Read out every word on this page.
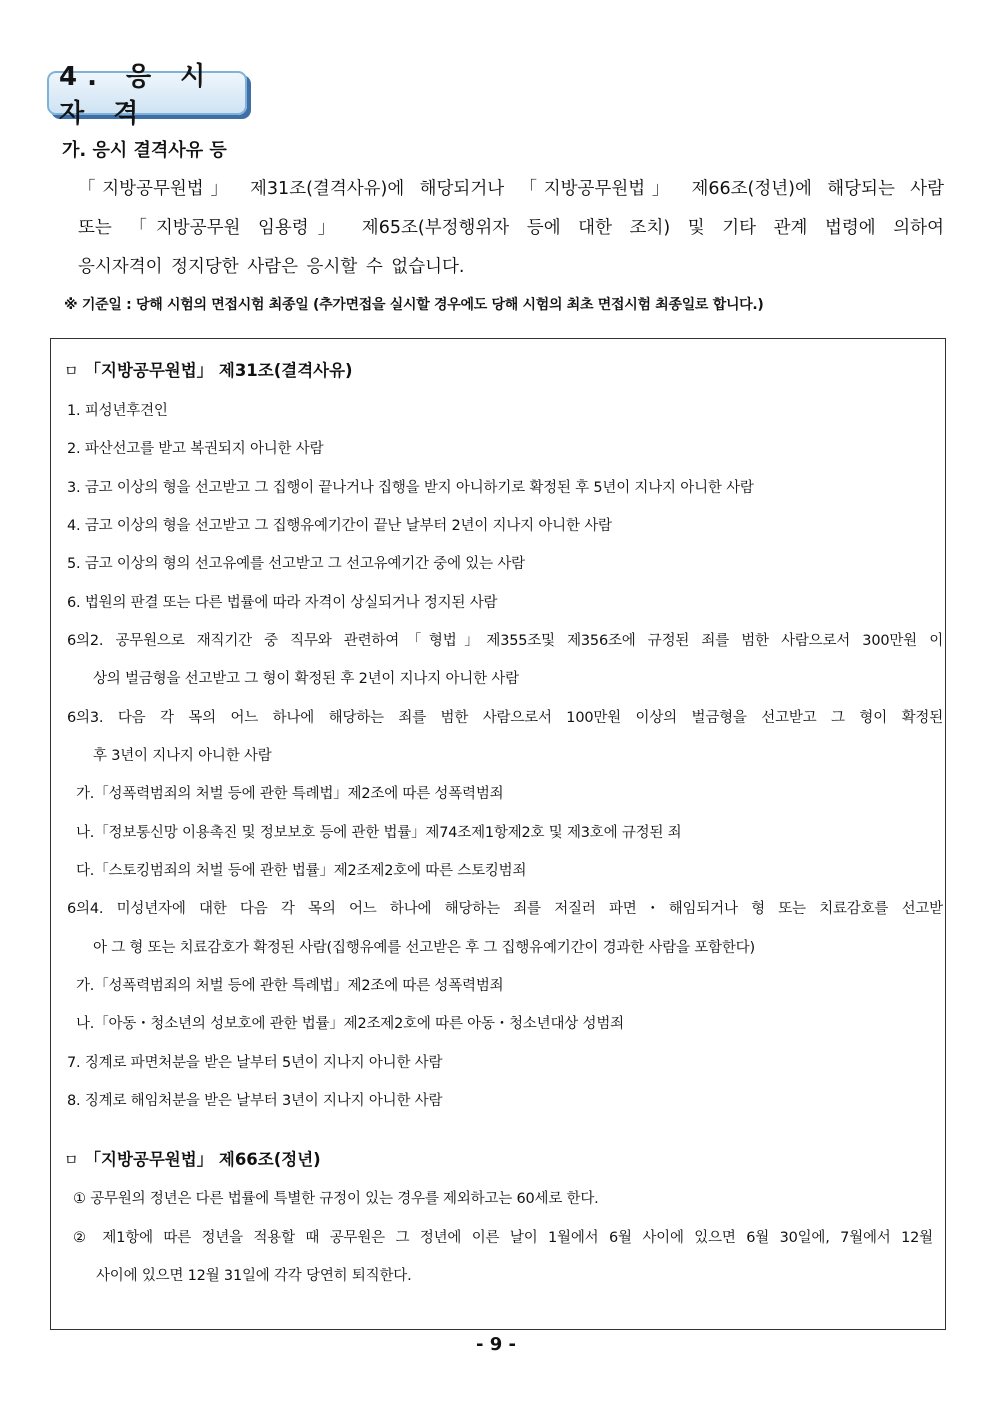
4. 응 시 자 격
가. 응시 결격사유 등
「지방공무원법」 제31조(결격사유)에 해당되거나 「지방공무원법」 제66조(정년)에 해당되는 사람
또는 「지방공무원 임용령」 제65조(부정행위자 등에 대한 조치) 및 기타 관계 법령에 의하여
응시자격이 정지당한 사람은 응시할 수 없습니다.
※ 기준일 : 당해 시험의 면접시험 최종일 (추가면접을 실시할 경우에도 당해 시험의 최초 면접시험 최종일로 합니다.)
ㅁ 「지방공무원법」 제31조(결격사유)
1. 피성년후견인
2. 파산선고를 받고 복권되지 아니한 사람
3. 금고 이상의 형을 선고받고 그 집행이 끝나거나 집행을 받지 아니하기로 확정된 후 5년이 지나지 아니한 사람
4. 금고 이상의 형을 선고받고 그 집행유예기간이 끝난 날부터 2년이 지나지 아니한 사람
5. 금고 이상의 형의 선고유예를 선고받고 그 선고유예기간 중에 있는 사람
6. 법원의 판결 또는 다른 법률에 따라 자격이 상실되거나 정지된 사람
6의2. 공무원으로 재직기간 중 직무와 관련하여「형법」제355조및 제356조에 규정된 죄를 범한 사람으로서 300만원 이
상의 벌금형을 선고받고 그 형이 확정된 후 2년이 지나지 아니한 사람
6의3. 다음 각 목의 어느 하나에 해당하는 죄를 범한 사람으로서 100만원 이상의 벌금형을 선고받고 그 형이 확정된
후 3년이 지나지 아니한 사람
가.「성폭력범죄의 처벌 등에 관한 특례법」제2조에 따른 성폭력범죄
나.「정보통신망 이용촉진 및 정보보호 등에 관한 법률」제74조제1항제2호 및 제3호에 규정된 죄
다.「스토킹범죄의 처벌 등에 관한 법률」제2조제2호에 따른 스토킹범죄
6의4. 미성년자에 대한 다음 각 목의 어느 하나에 해당하는 죄를 저질러 파면・해임되거나 형 또는 치료감호를 선고받
아 그 형 또는 치료감호가 확정된 사람(집행유예를 선고받은 후 그 집행유예기간이 경과한 사람을 포함한다)
가.「성폭력범죄의 처벌 등에 관한 특례법」제2조에 따른 성폭력범죄
나.「아동・청소년의 성보호에 관한 법률」제2조제2호에 따른 아동・청소년대상 성범죄
7. 징계로 파면처분을 받은 날부터 5년이 지나지 아니한 사람
8. 징계로 해임처분을 받은 날부터 3년이 지나지 아니한 사람
ㅁ 「지방공무원법」 제66조(정년)
① 공무원의 정년은 다른 법률에 특별한 규정이 있는 경우를 제외하고는 60세로 한다.
② 제1항에 따른 정년을 적용할 때 공무원은 그 정년에 이른 날이 1월에서 6월 사이에 있으면 6월 30일에, 7월에서 12월
사이에 있으면 12월 31일에 각각 당연히 퇴직한다.
- 9 -
